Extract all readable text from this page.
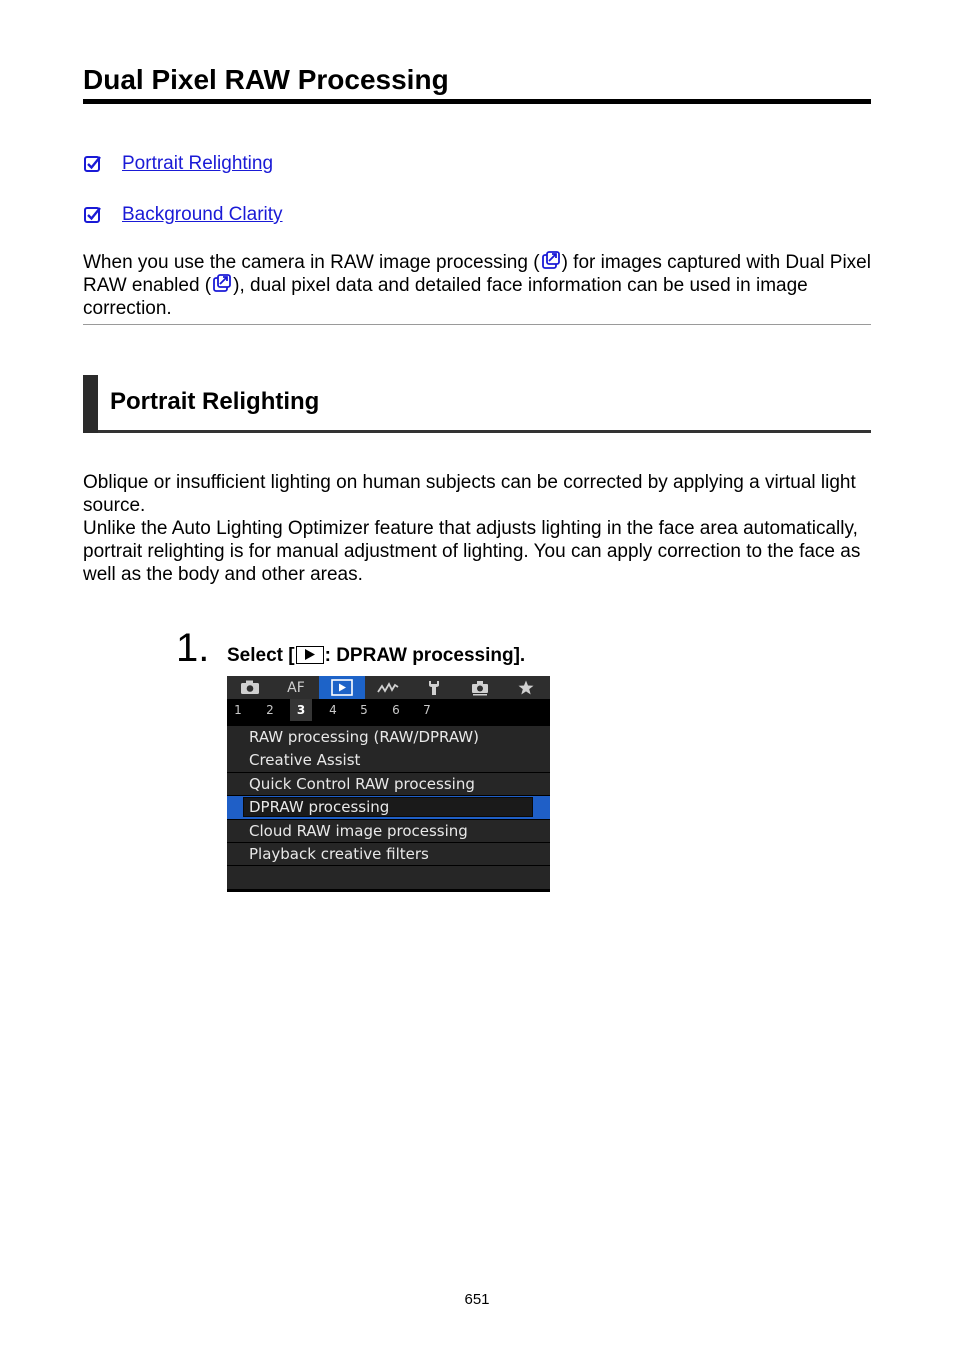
Dual Pixel RAW Processing
Portrait Relighting
Background Clarity
When you use the camera in RAW image processing ( ) for images captured with Dual Pixel RAW enabled ( ), dual pixel data and detailed face information can be used in image correction.
Portrait Relighting

Oblique or insufficient lighting on human subjects can be corrected by applying a virtual light source.

Unlike the Auto Lighting Optimizer feature that adjusts lighting in the face area automatically, portrait relighting is for manual adjustment of lighting. You can apply correction to the face as well as the body and other areas.

1. Select [ : DPRAW processing].
AF
1	2	3	4	5	6	7
RAW processing (RAW/DPRAW)
Creative Assist
Quick Control RAW processing
DPRAW processing
Cloud RAW image processing
Playback creative filters
651
